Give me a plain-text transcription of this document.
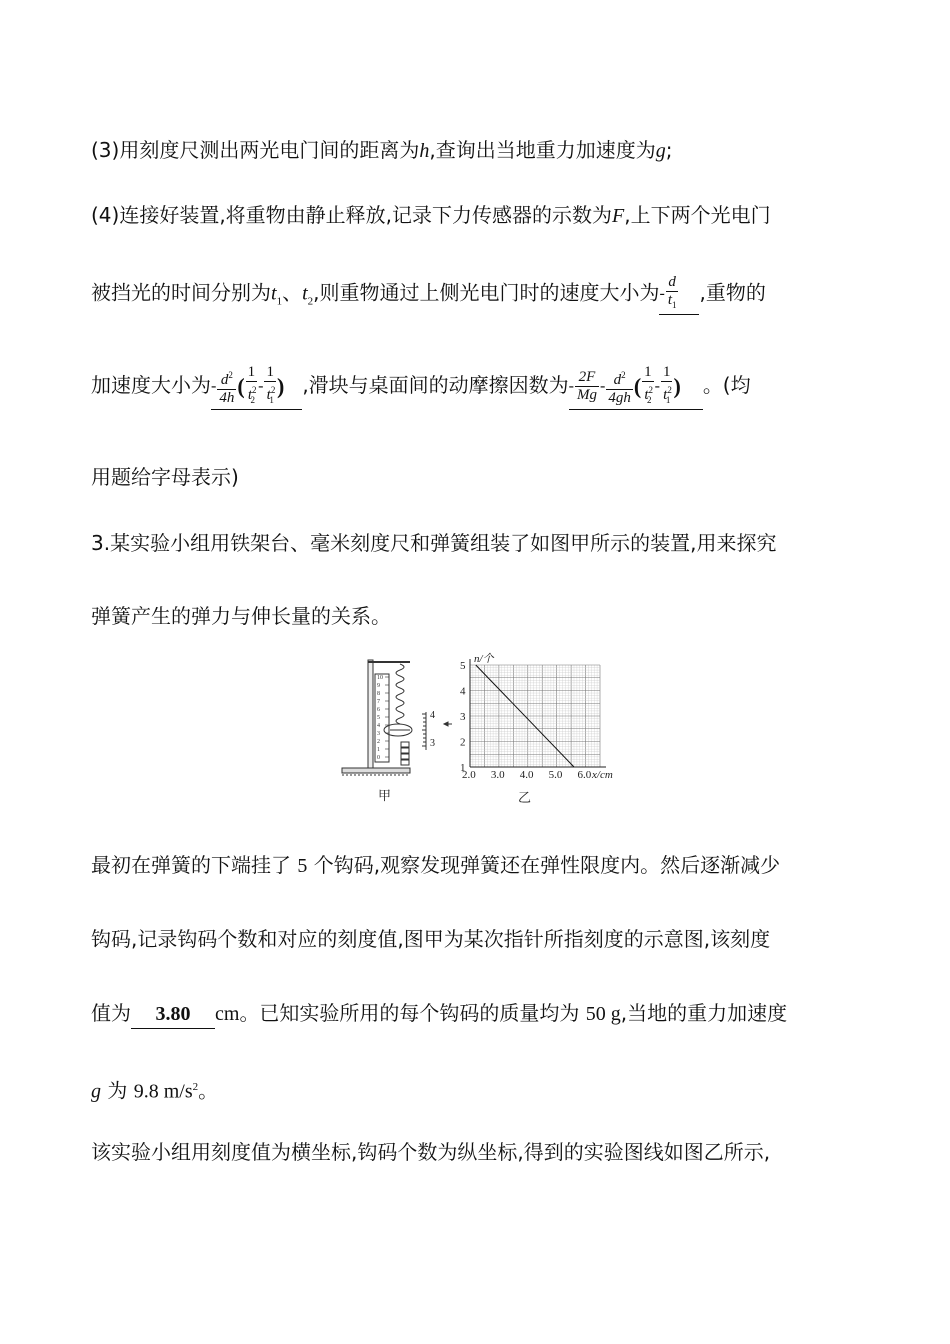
(3)用刻度尺测出两光电门间的距离为h,查询出当地重力加速度为g;
(4)连接好装置,将重物由静止释放,记录下力传感器的示数为F,上下两个光电门
被挡光的时间分别为$t_1$、$t_2$,则重物通过上侧光电门时的速度大小为- $\frac{d}{t_1}$ ,重物的
加速度大小为- $\frac{d^2}{4h}$ ( $\frac{1}{t^2_2} - \frac{1}{t^2_1}$ ) ,滑块与桌面间的动摩擦因数为- $\frac{2F}{Mg} - \frac{d^2}{4gh}$ ( $\frac{1}{t^2_2} - \frac{1}{t^2_1}$ ) 。(均
用题给字母表示)
3.某实验小组用铁架台、毫米刻度尺和弹簧组装了如图甲所示的装置,用来探究
弹簧产生的弹力与伸长量的关系。
10
9
8
7
6
5
4
3
2
1
0
4
3
甲
2.0 3.0 4.0 5.0 6.0
1
2
3
4
5
x/cm
n/个
乙
最初在弹簧的下端挂了 5 个钩码,观察发现弹簧还在弹性限度内。然后逐渐减少
钩码,记录钩码个数和对应的刻度值,图甲为某次指针所指刻度的示意图,该刻度
值为 3.80 cm。已知实验所用的每个钩码的质量均为 50 g,当地的重力加速度
g 为 9.8 $m/s^2$。
该实验小组用刻度值为横坐标,钩码个数为纵坐标,得到的实验图线如图乙所示,
